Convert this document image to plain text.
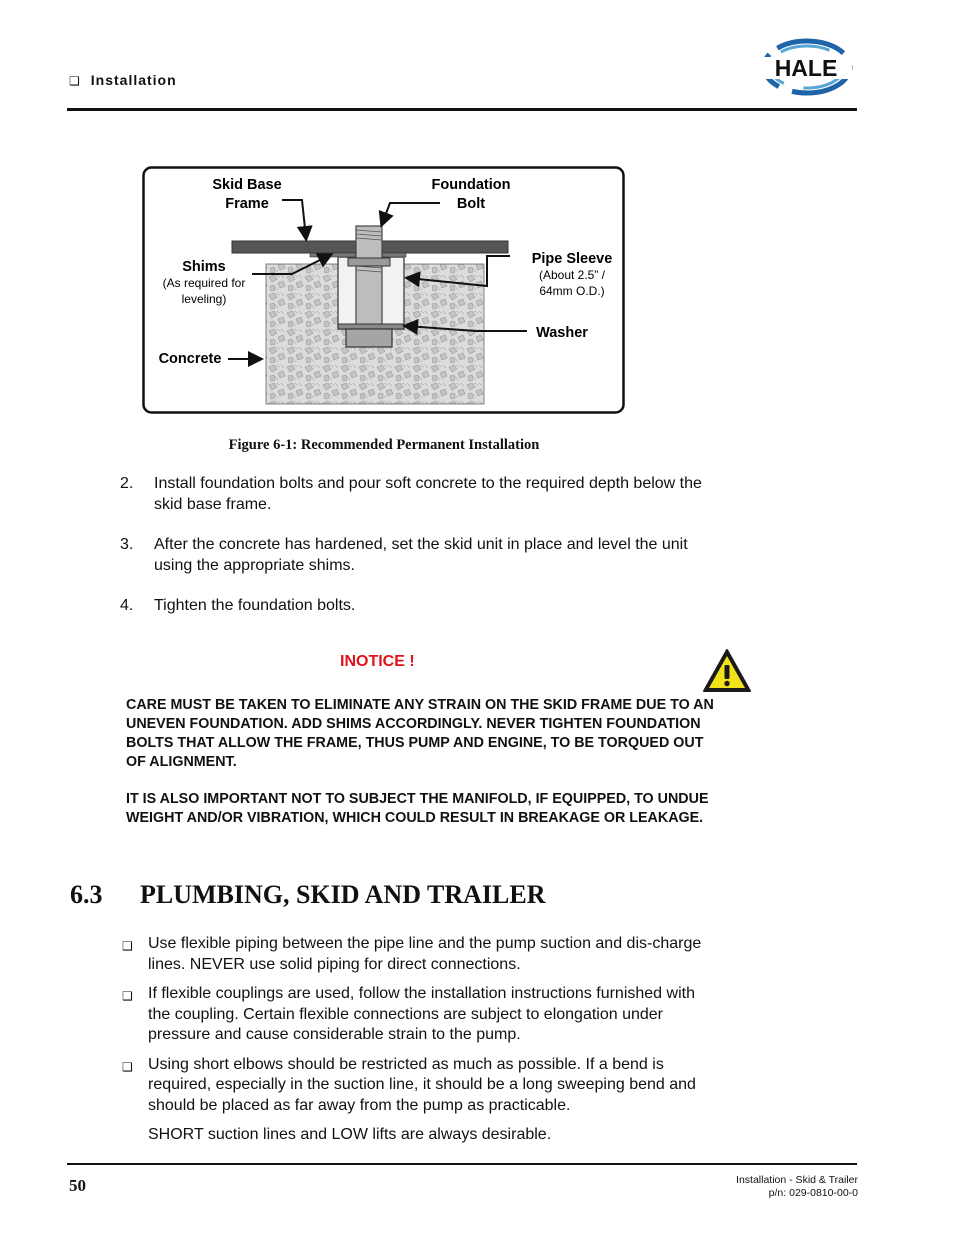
❑ Installation	HALE
Skid Base
Frame
Foundation
Bolt
Shims
(As required for
leveling)
Pipe Sleeve
(About 2.5” /
64mm O.D.)
Washer
Concrete
Figure 6-1: Recommended Permanent Installation
2.	Install foundation bolts and pour soft concrete to the required depth below the skid base frame.
3.	After the concrete has hardened, set the skid unit in place and level the unit using the appropriate shims.
4.	Tighten the foundation bolts.
INOTICE !

CARE MUST BE TAKEN TO ELIMINATE ANY STRAIN ON THE SKID FRAME DUE TO AN UNEVEN FOUNDATION. ADD SHIMS ACCORDINGLY. NEVER TIGHTEN FOUNDATION BOLTS THAT ALLOW THE FRAME, THUS PUMP AND ENGINE, TO BE TORQUED OUT OF ALIGNMENT.

IT IS ALSO IMPORTANT NOT TO SUBJECT THE MANIFOLD, IF EQUIPPED, TO UNDUE WEIGHT AND/OR VIBRATION, WHICH COULD RESULT IN BREAKAGE OR LEAKAGE.

6.3 PLUMBING, SKID AND TRAILER
❑ Use flexible piping between the pipe line and the pump suction and dis-charge lines. NEVER use solid piping for direct connections.
❑ If flexible couplings are used, follow the installation instructions furnished with the coupling. Certain flexible connections are subject to elongation under pressure and cause considerable strain to the pump.
❑ Using short elbows should be restricted as much as possible. If a bend is required, especially in the suction line, it should be a long sweeping bend and should be placed as far away from the pump as practicable.
SHORT suction lines and LOW lifts are always desirable.
50	Installation - Skid & Trailer
p/n: 029-0810-00-0
